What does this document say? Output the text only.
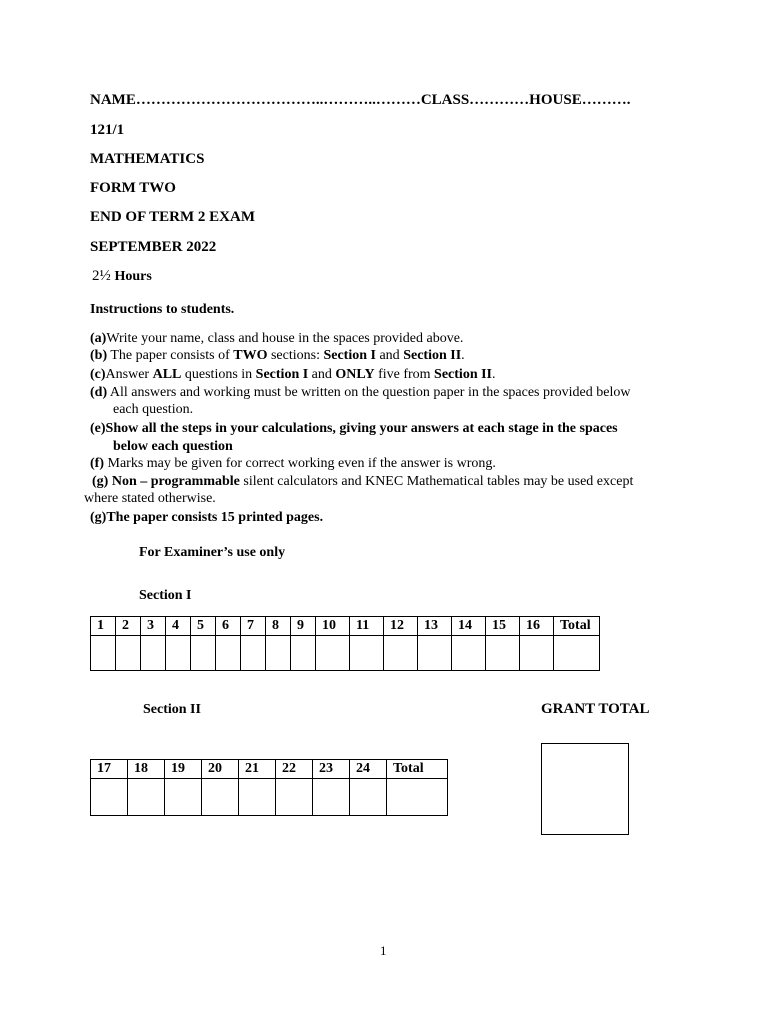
NAME………………………………..………..………CLASS…………HOUSE……….
121/1
MATHEMATICS
FORM TWO
END OF TERM 2 EXAM
SEPTEMBER 2022
2½ Hours
Instructions to students.
(a)Write your name, class and house in the spaces provided above.
(b) The paper consists of TWO sections: Section I and Section II.
(c)Answer ALL questions in Section I and ONLY five from Section II.
(d) All answers and working must be written on the question paper in the spaces provided below
each question.
(e)Show all the steps in your calculations, giving your answers at each stage in the spaces
below each question
(f) Marks may be given for correct working even if the answer is wrong.
(g) Non – programmable silent calculators and KNEC Mathematical tables may be used except
where stated otherwise.
(g)The paper consists 15 printed pages.
For Examiner’s use only
Section I
1	2	3	4	5	6	7	8	9	10	11	12	13	14	15	16	Total

Section II	GRANT TOTAL
17	18	19	20	21	22	23	24	Total

1
